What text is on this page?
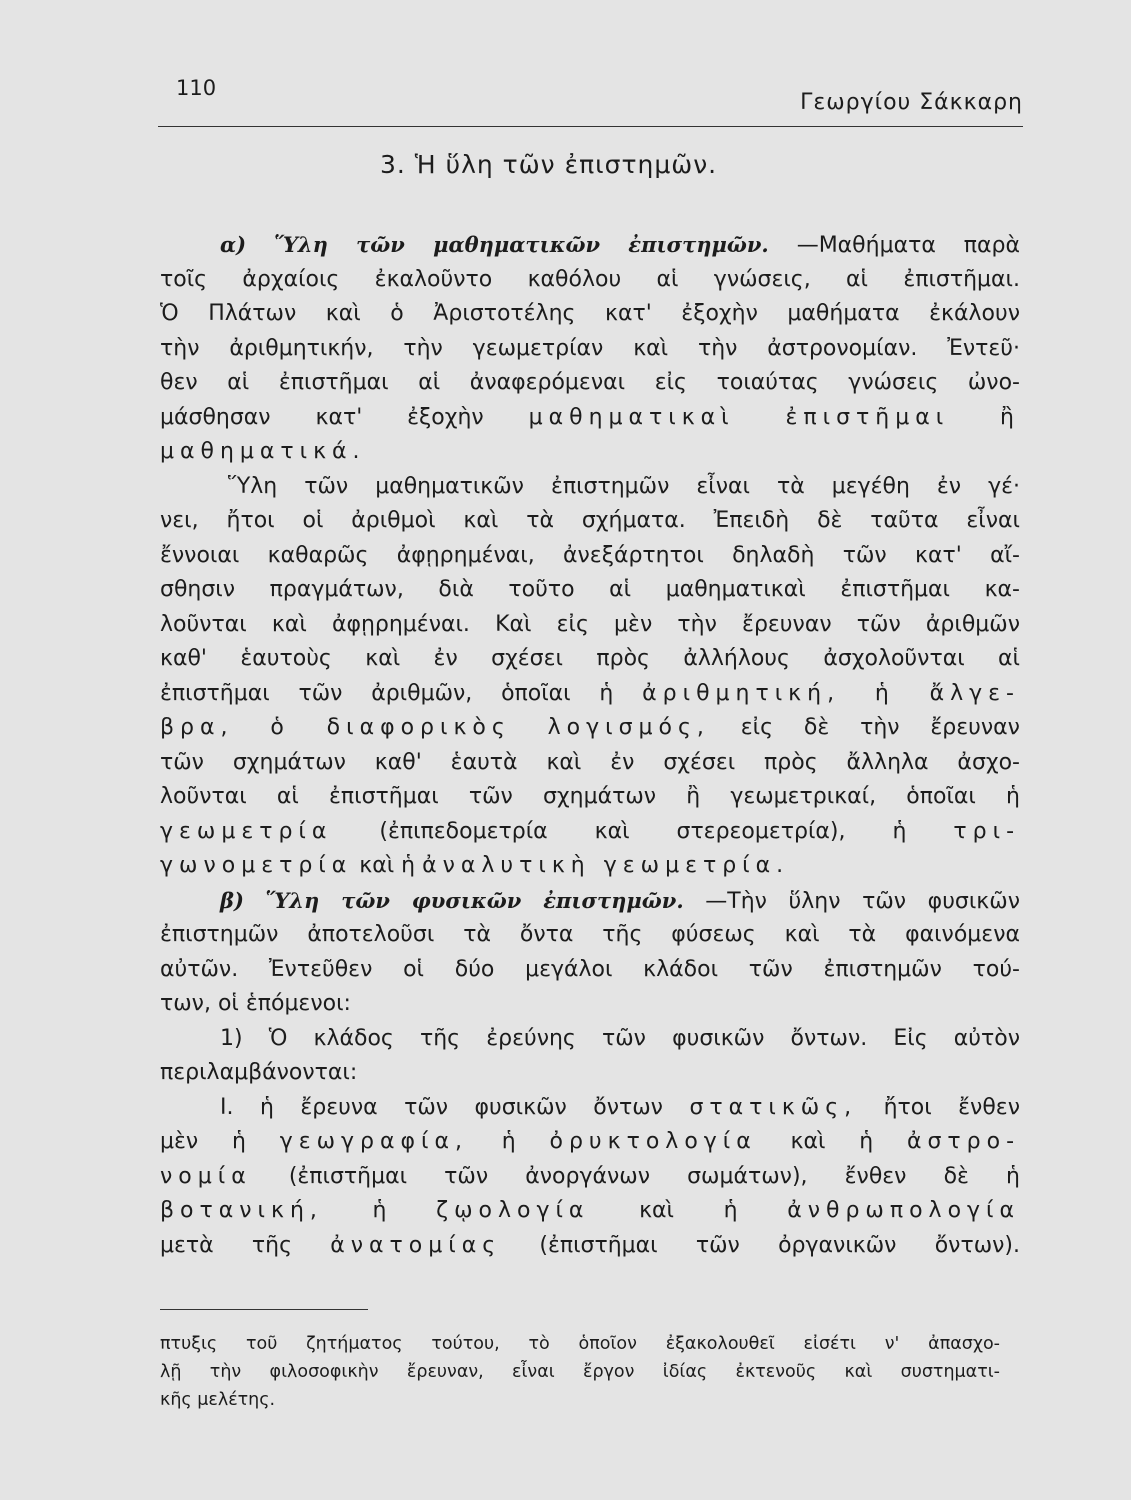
110
Γεωργίου Σάκκαρη
3. Ἡ ὕλη τῶν ἐπιστημῶν.
α) Ὕλη τῶν μαθηματικῶν ἐπιστημῶν. —Μαθήματα παρὰ
τοῖς ἀρχαίοις ἐκαλοῦντο καθόλου αἱ γνώσεις, αἱ ἐπιστῆμαι.
Ὁ Πλάτων καὶ ὁ Ἀριστοτέλης κατ' ἐξοχὴν μαθήματα ἐκάλουν
τὴν ἀριθμητικήν, τὴν γεωμετρίαν καὶ τὴν ἀστρονομίαν. Ἐντεῦ·
θεν αἱ ἐπιστῆμαι αἱ ἀναφερόμεναι εἰς τοιαύτας γνώσεις ὠνο-
μάσθησαν κατ' ἐξοχὴν μαθηματικαὶ ἐπιστῆμαι ἢ
μαθηματικά.
Ὕλη τῶν μαθηματικῶν ἐπιστημῶν εἶναι τὰ μεγέθη ἐν γέ·
νει, ἤτοι οἱ ἀριθμοὶ καὶ τὰ σχήματα. Ἐπειδὴ δὲ ταῦτα εἶναι
ἔννοιαι καθαρῶς ἀφῃρημέναι, ἀνεξάρτητοι δηλαδὴ τῶν κατ' αἴ-
σθησιν πραγμάτων, διὰ τοῦτο αἱ μαθηματικαὶ ἐπιστῆμαι κα-
λοῦνται καὶ ἀφῃρημέναι. Καὶ εἰς μὲν τὴν ἔρευναν τῶν ἀριθμῶν
καθ' ἑαυτοὺς καὶ ἐν σχέσει πρὸς ἀλλήλους ἀσχολοῦνται αἱ
ἐπιστῆμαι τῶν ἀριθμῶν, ὁποῖαι ἡ ἀριθμητική, ἡ ἄλγε-
βρα, ὁ διαφορικὸς λογισμός, εἰς δὲ τὴν ἔρευναν
τῶν σχημάτων καθ' ἑαυτὰ καὶ ἐν σχέσει πρὸς ἄλληλα ἀσχο-
λοῦνται αἱ ἐπιστῆμαι τῶν σχημάτων ἢ γεωμετρικαί, ὁποῖαι ἡ
γεωμετρία (ἐπιπεδομετρία καὶ στερεομετρία), ἡ τρι-
γωνομετρία καὶ ἡ ἀναλυτικὴ γεωμετρία.
β) Ὕλη τῶν φυσικῶν ἐπιστημῶν. —Τὴν ὕλην τῶν φυσικῶν
ἐπιστημῶν ἀποτελοῦσι τὰ ὄντα τῆς φύσεως καὶ τὰ φαινόμενα
αὐτῶν. Ἐντεῦθεν οἱ δύο μεγάλοι κλάδοι τῶν ἐπιστημῶν τού-
των, οἱ ἑπόμενοι:
1) Ὁ κλάδος τῆς ἐρεύνης τῶν φυσικῶν ὄντων. Εἰς αὐτὸν
περιλαμβάνονται:
Ι. ἡ ἔρευνα τῶν φυσικῶν ὄντων στατικῶς, ἤτοι ἔνθεν
μὲν ἡ γεωγραφία, ἡ ὀρυκτολογία καὶ ἡ ἀστρο-
νομία (ἐπιστῆμαι τῶν ἀνοργάνων σωμάτων), ἔνθεν δὲ ἡ
βοτανική, ἡ ζῳολογία καὶ ἡ ἀνθρωπολογία
μετὰ τῆς ἀνατομίας (ἐπιστῆμαι τῶν ὀργανικῶν ὄντων).
πτυξις τοῦ ζητήματος τούτου, τὸ ὁποῖον ἐξακολουθεῖ εἰσέτι ν' ἀπασχο-
λῇ τὴν φιλοσοφικὴν ἔρευναν, εἶναι ἔργον ἰδίας ἐκτενοῦς καὶ συστηματι-
κῆς μελέτης.
